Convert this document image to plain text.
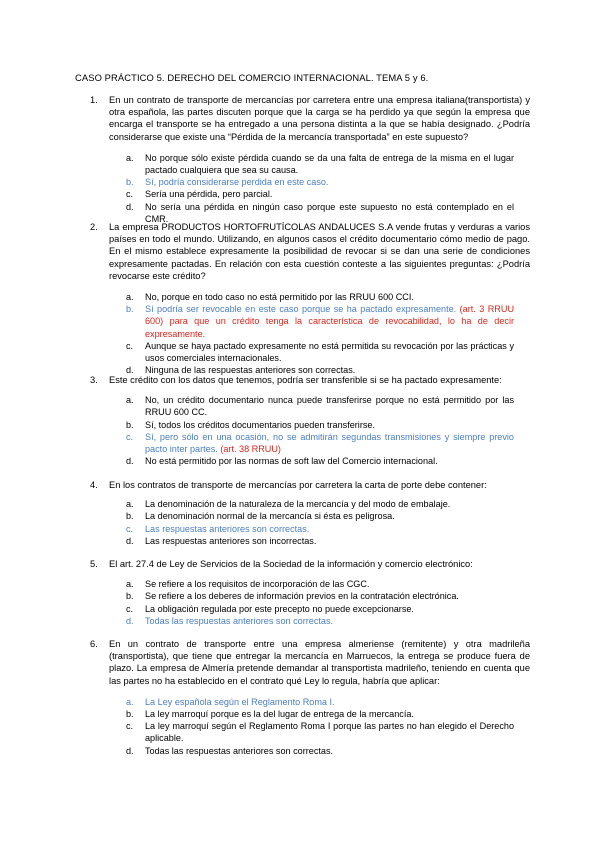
CASO PRÁCTICO 5. DERECHO DEL COMERCIO INTERNACIONAL. TEMA 5 y 6.
1.	En un contrato de transporte de mercancías por carretera entre una empresa italiana(transportista) y otra española, las partes discuten porque que la carga se ha perdido ya que según la empresa que encarga el transporte se ha entregado a una persona distinta a la que se había designado. ¿Podría considerarse que existe una “Pérdida de la mercancía transportada” en este supuesto?
a. No porque sólo existe pérdida cuando se da una falta de entrega de la misma en el lugar pactado cualquiera que sea su causa.
b. Sí, podría considerarse perdida en este caso.
c. Sería una pérdida, pero parcial.
d. No sería una pérdida en ningún caso porque este supuesto no está contemplado en el CMR.
2.	La empresa PRODUCTOS HORTOFRUTÍCOLAS ANDALUCES S.A vende frutas y verduras a varios países en todo el mundo. Utilizando, en algunos casos el crédito documentario cómo medio de pago. En el mismo establece expresamente la posibilidad de revocar si se dan una serie de condiciones expresamente pactadas. En relación con esta cuestión conteste a las siguientes preguntas: ¿Podría revocarse este crédito?
a. No, porque en todo caso no está permitido por las RRUU 600 CCI.
b. Sí podría ser revocable en este caso porque se ha pactado expresamente. (art. 3 RRUU 600) para que un crédito tenga la característica de revocabilidad, lo ha de decir expresamente.
c. Aunque se haya pactado expresamente no está permitida su revocación por las prácticas y usos comerciales internacionales.
d. Ninguna de las respuestas anteriores son correctas.
3.	Este crédito con los datos que tenemos, podría ser transferible si se ha pactado expresamente:
a. No, un crédito documentario nunca puede transferirse porque no está permitido por las RRUU 600 CC.
b. Sí, todos los créditos documentarios pueden transferirse.
c. Sí, pero sólo en una ocasión, no se admitirán segundas transmisiones y siempre previo pacto inter partes. (art. 38 RRUU)
d. No está permitido por las normas de soft law del Comercio internacional.
4.	En los contratos de transporte de mercancías por carretera la carta de porte debe contener:
a. La denominación de la naturaleza de la mercancía y del modo de embalaje.
b. La denominación normal de la mercancía si ésta es peligrosa.
c. Las respuestas anteriores son correctas.
d. Las respuestas anteriores son incorrectas.
5.	El art. 27.4 de Ley de Servicios de la Sociedad de la información y comercio electrónico:
a. Se refiere a los requisitos de incorporación de las CGC.
b. Se refiere a los deberes de información previos en la contratación electrónica.
c. La obligación regulada por este precepto no puede excepcionarse.
d. Todas las respuestas anteriores son correctas.
6.	En un contrato de transporte entre una empresa almeriense (remitente) y otra madrileña (transportista), que tiene que entregar la mercancía en Marruecos, la entrega se produce fuera de plazo. La empresa de Almería pretende demandar al transportista madrileño, teniendo en cuenta que las partes no ha establecido en el contrato qué Ley lo regula, habría que aplicar:
a. La Ley española según el Reglamento Roma I.
b. La ley marroquí porque es la del lugar de entrega de la mercancía.
c. La ley marroquí según el Reglamento Roma I porque las partes no han elegido el Derecho aplicable.
d. Todas las respuestas anteriores son correctas.
